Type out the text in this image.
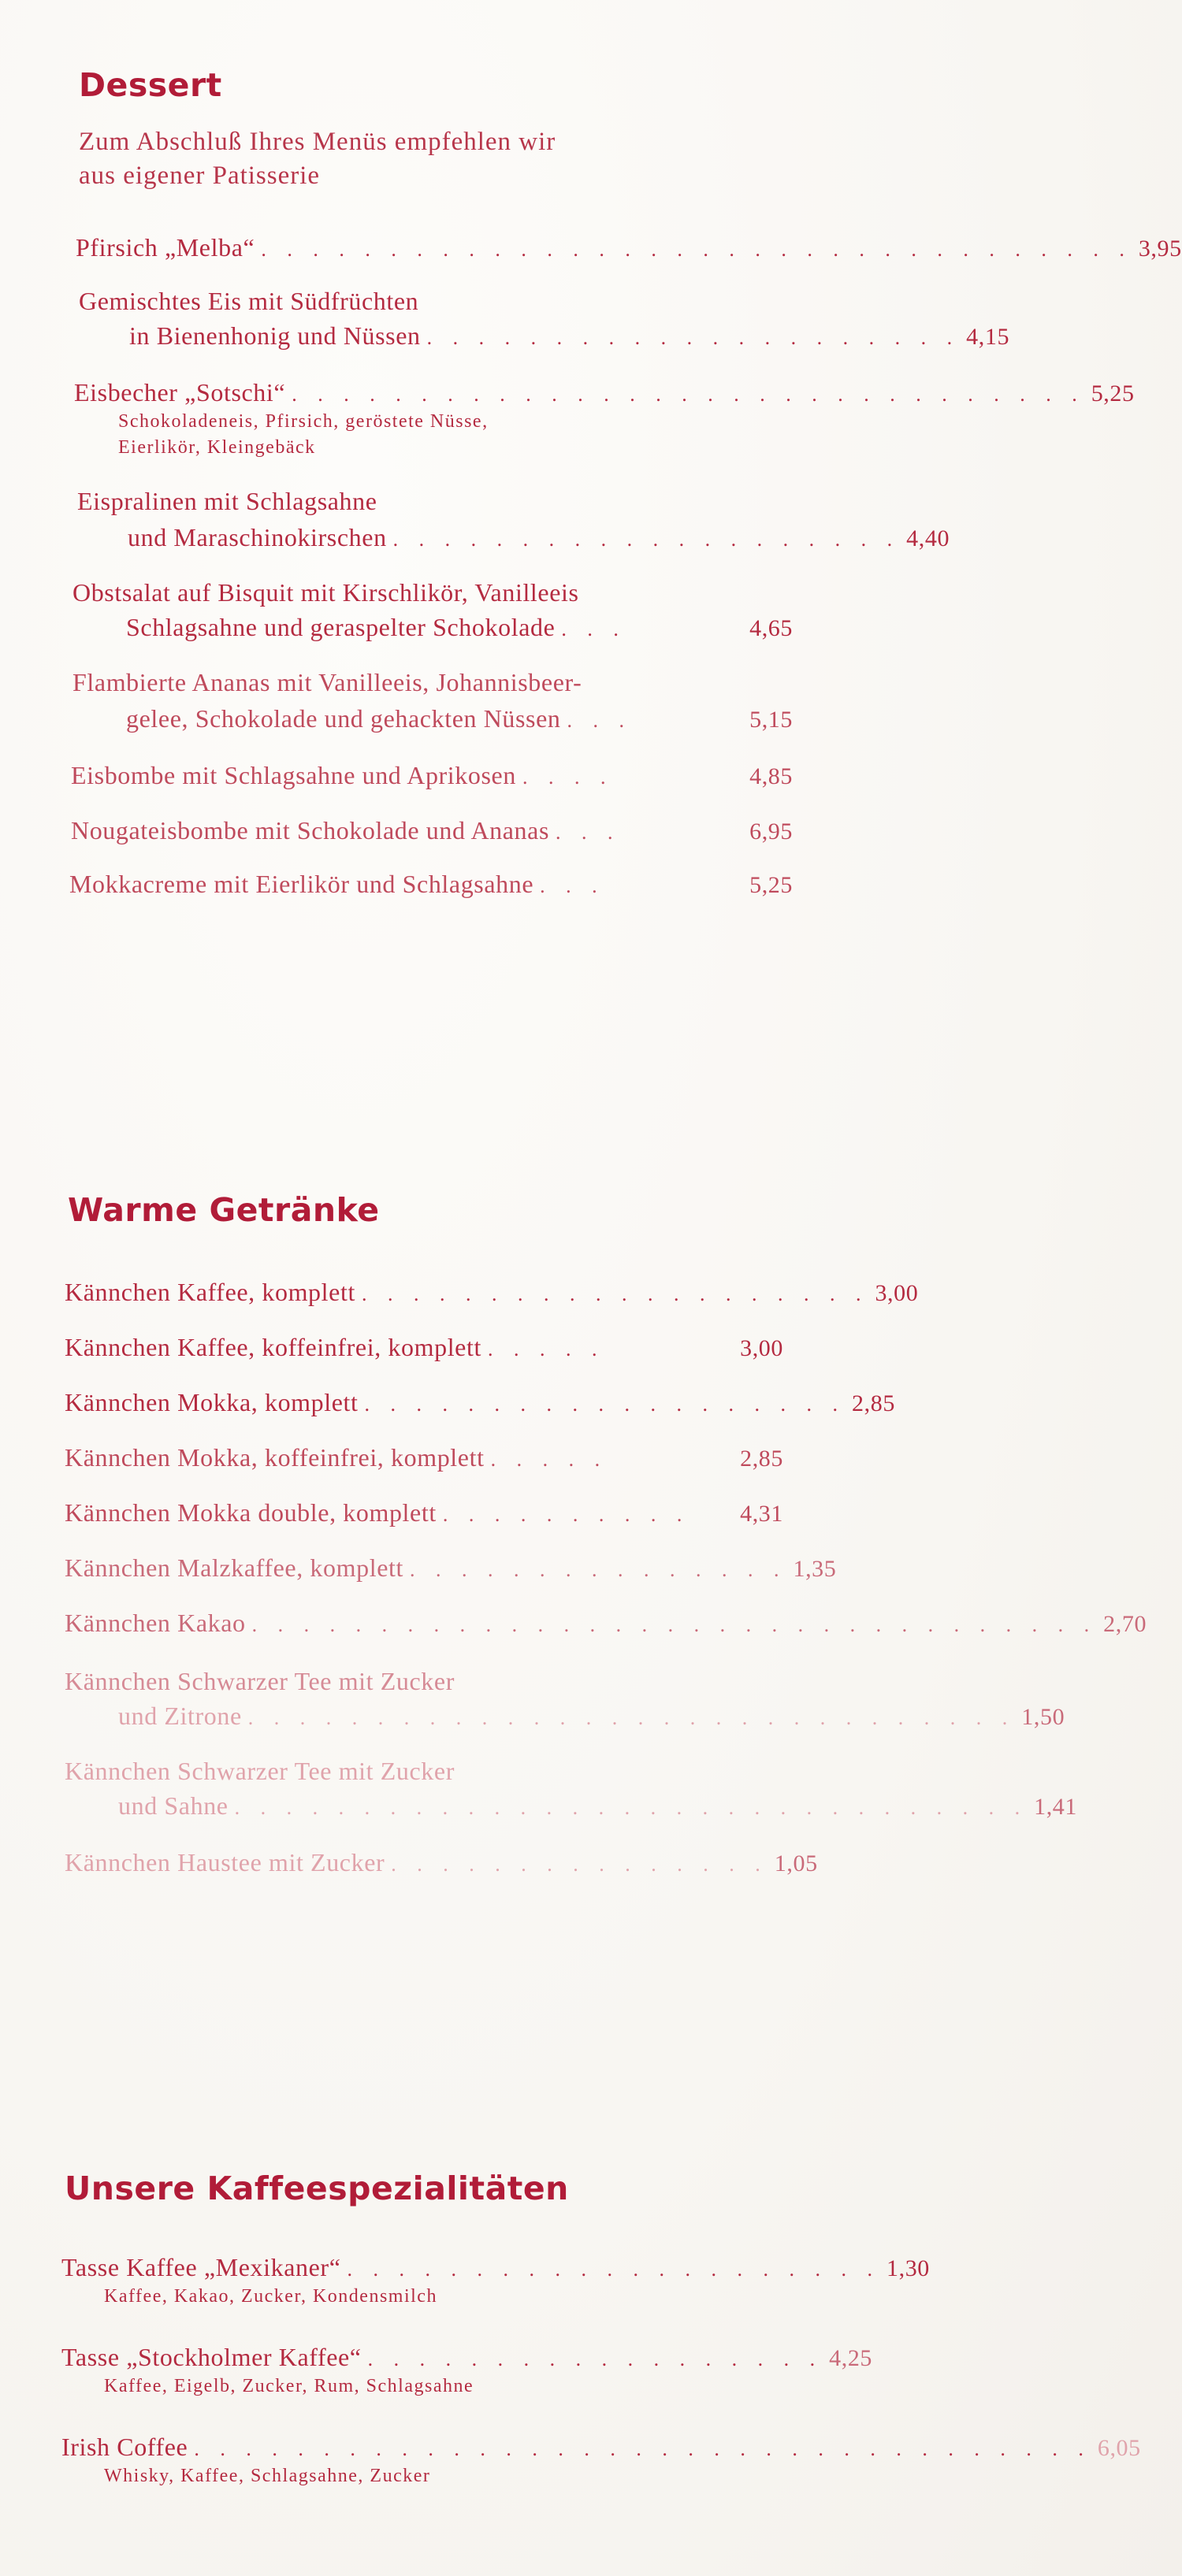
Dessert
Zum Abschluß Ihres Menüs empfehlen wir
aus eigener Patisserie
Pfirsich „Melba“ . . . . . . . . . . . . . . . . . . . . . . . . . . . . . . . . . . 3,95
Gemischtes Eis mit Südfrüchten
in Bienenhonig und Nüssen . . . . . . . . . . . . . . . . . . . . . 4,15
Eisbecher „Sotschi“ . . . . . . . . . . . . . . . . . . . . . . . . . . . . . . . 5,25
Schokoladeneis, Pfirsich, geröstete Nüsse,
Eierlikör, Kleingebäck
Eispralinen mit Schlagsahne
und Maraschinokirschen . . . . . . . . . . . . . . . . . . . . 4,40
Obstsalat auf Bisquit mit Kirschlikör, Vanilleeis
Schlagsahne und geraspelter Schokolade . . .	4,65
Flambierte Ananas mit Vanilleeis, Johannisbeer-
gelee, Schokolade und gehackten Nüssen . . .	5,15
Eisbombe mit Schlagsahne und Aprikosen . . . .	4,85
Nougateisbombe mit Schokolade und Ananas . . .	6,95
Mokkacreme mit Eierlikör und Schlagsahne . . .	5,25
Warme Getränke
Kännchen Kaffee, komplett . . . . . . . . . . . . . . . . . . . . 3,00
Kännchen Kaffee, koffeinfrei, komplett . . . . .	3,00
Kännchen Mokka, komplett . . . . . . . . . . . . . . . . . . . 2,85
Kännchen Mokka, koffeinfrei, komplett . . . . .	2,85
Kännchen Mokka double, komplett . . . . . . . . . .	4,31
Kännchen Malzkaffee, komplett . . . . . . . . . . . . . . . 1,35
Kännchen Kakao . . . . . . . . . . . . . . . . . . . . . . . . . . . . . . . . . 2,70
Kännchen Schwarzer Tee mit Zucker
und Zitrone . . . . . . . . . . . . . . . . . . . . . . . . . . . . . . 1,50
Kännchen Schwarzer Tee mit Zucker
und Sahne . . . . . . . . . . . . . . . . . . . . . . . . . . . . . . . 1,41
Kännchen Haustee mit Zucker . . . . . . . . . . . . . . . 1,05
Unsere Kaffeespezialitäten
Tasse Kaffee „Mexikaner“ . . . . . . . . . . . . . . . . . . . . . 1,30
Kaffee, Kakao, Zucker, Kondensmilch
Tasse „Stockholmer Kaffee“ . . . . . . . . . . . . . . . . . . 4,25
Kaffee, Eigelb, Zucker, Rum, Schlagsahne
Irish Coffee . . . . . . . . . . . . . . . . . . . . . . . . . . . . . . . . . . . 6,05
Whisky, Kaffee, Schlagsahne, Zucker
